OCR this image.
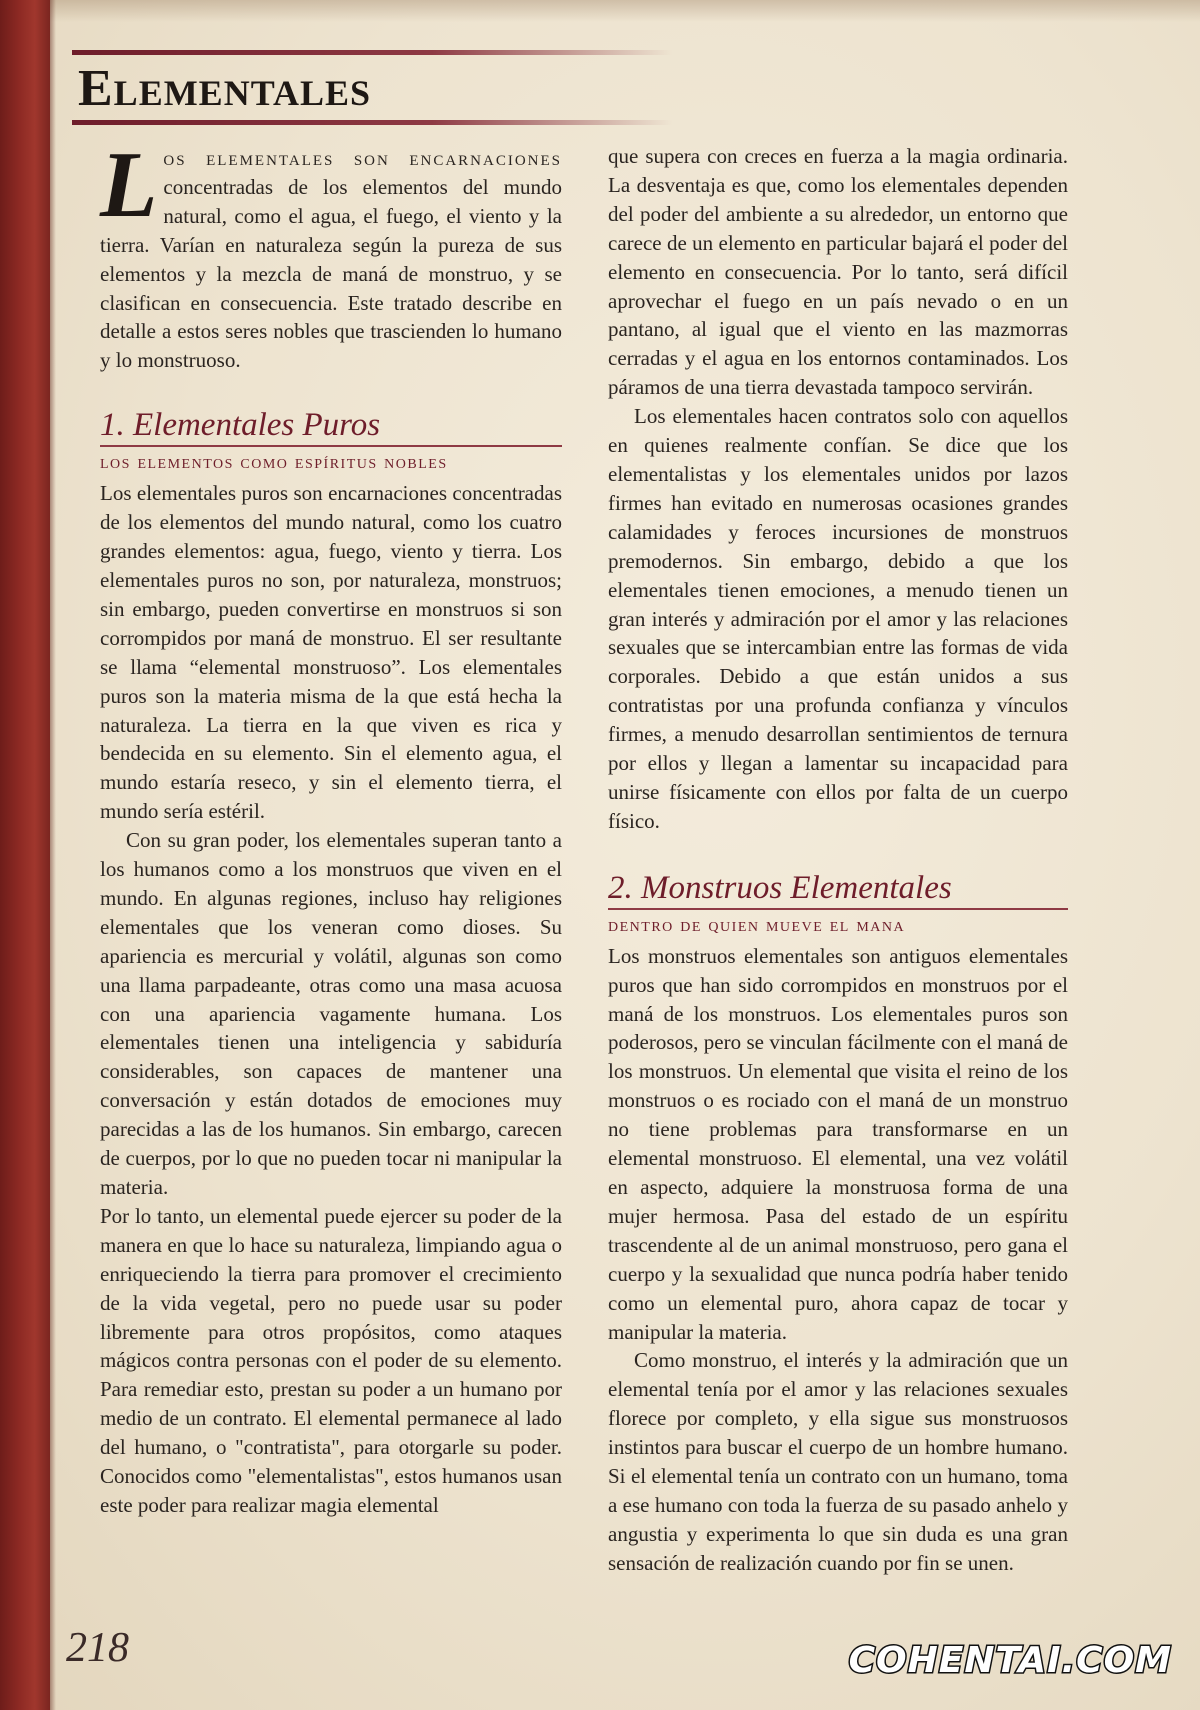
Elementales

Los elementales son encarnaciones concentradas de los elementos del mundo natural, como el agua, el fuego, el viento y la tierra. Varían en naturaleza según la pureza de sus elementos y la mezcla de maná de monstruo, y se clasifican en consecuencia. Este tratado describe en detalle a estos seres nobles que trascienden lo humano y lo monstruoso.

1. Elementales Puros
los elementos como espíritus nobles

Los elementales puros son encarnaciones concentradas de los elementos del mundo natural, como los cuatro grandes elementos: agua, fuego, viento y tierra. Los elementales puros no son, por naturaleza, monstruos; sin embargo, pueden convertirse en monstruos si son corrompidos por maná de monstruo. El ser resultante se llama “elemental monstruoso”. Los elementales puros son la materia misma de la que está hecha la naturaleza. La tierra en la que viven es rica y bendecida en su elemento. Sin el elemento agua, el mundo estaría reseco, y sin el elemento tierra, el mundo sería estéril.

Con su gran poder, los elementales superan tanto a los humanos como a los monstruos que viven en el mundo. En algunas regiones, incluso hay religiones elementales que los veneran como dioses. Su apariencia es mercurial y volátil, algunas son como una llama parpadeante, otras como una masa acuosa con una apariencia vagamente humana. Los elementales tienen una inteligencia y sabiduría considerables, son capaces de mantener una conversación y están dotados de emociones muy parecidas a las de los humanos. Sin embargo, carecen de cuerpos, por lo que no pueden tocar ni manipular la materia.

Por lo tanto, un elemental puede ejercer su poder de la manera en que lo hace su naturaleza, limpiando agua o enriqueciendo la tierra para promover el crecimiento de la vida vegetal, pero no puede usar su poder libremente para otros propósitos, como ataques mágicos contra personas con el poder de su elemento. Para remediar esto, prestan su poder a un humano por medio de un contrato. El elemental permanece al lado del humano, o "contratista", para otorgarle su poder. Conocidos como "elementalistas", estos humanos usan este poder para realizar magia elemental

que supera con creces en fuerza a la magia ordinaria. La desventaja es que, como los elementales dependen del poder del ambiente a su alrededor, un entorno que carece de un elemento en particular bajará el poder del elemento en consecuencia. Por lo tanto, será difícil aprovechar el fuego en un país nevado o en un pantano, al igual que el viento en las mazmorras cerradas y el agua en los entornos contaminados. Los páramos de una tierra devastada tampoco servirán.

Los elementales hacen contratos solo con aquellos en quienes realmente confían. Se dice que los elementalistas y los elementales unidos por lazos firmes han evitado en numerosas ocasiones grandes calamidades y feroces incursiones de monstruos premodernos. Sin embargo, debido a que los elementales tienen emociones, a menudo tienen un gran interés y admiración por el amor y las relaciones sexuales que se intercambian entre las formas de vida corporales. Debido a que están unidos a sus contratistas por una profunda confianza y vínculos firmes, a menudo desarrollan sentimientos de ternura por ellos y llegan a lamentar su incapacidad para unirse físicamente con ellos por falta de un cuerpo físico.

2. Monstruos Elementales
dentro de quien mueve el mana

Los monstruos elementales son antiguos elementales puros que han sido corrompidos en monstruos por el maná de los monstruos. Los elementales puros son poderosos, pero se vinculan fácilmente con el maná de los monstruos. Un elemental que visita el reino de los monstruos o es rociado con el maná de un monstruo no tiene problemas para transformarse en un elemental monstruoso. El elemental, una vez volátil en aspecto, adquiere la monstruosa forma de una mujer hermosa. Pasa del estado de un espíritu trascendente al de un animal monstruoso, pero gana el cuerpo y la sexualidad que nunca podría haber tenido como un elemental puro, ahora capaz de tocar y manipular la materia.

Como monstruo, el interés y la admiración que un elemental tenía por el amor y las relaciones sexuales florece por completo, y ella sigue sus monstruosos instintos para buscar el cuerpo de un hombre humano. Si el elemental tenía un contrato con un humano, toma a ese humano con toda la fuerza de su pasado anhelo y angustia y experimenta lo que sin duda es una gran sensación de realización cuando por fin se unen.

218	COHENTAI.COM
